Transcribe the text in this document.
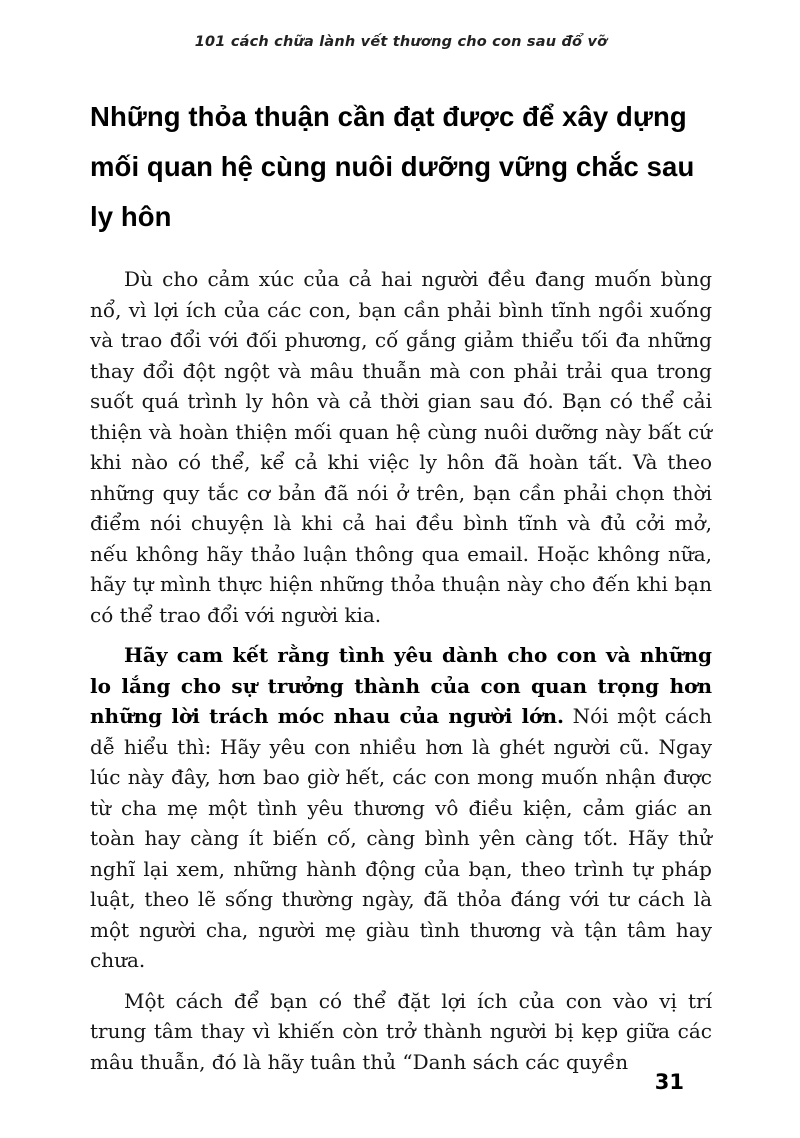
101 cách chữa lành vết thương cho con sau đổ vỡ
Những thỏa thuận cần đạt được để xây dựng mối quan hệ cùng nuôi dưỡng vững chắc sau ly hôn

Dù cho cảm xúc của cả hai người đều đang muốn bùng nổ, vì lợi ích của các con, bạn cần phải bình tĩnh ngồi xuống và trao đổi với đối phương, cố gắng giảm thiểu tối đa những thay đổi đột ngột và mâu thuẫn mà con phải trải qua trong suốt quá trình ly hôn và cả thời gian sau đó. Bạn có thể cải thiện và hoàn thiện mối quan hệ cùng nuôi dưỡng này bất cứ khi nào có thể, kể cả khi việc ly hôn đã hoàn tất. Và theo những quy tắc cơ bản đã nói ở trên, bạn cần phải chọn thời điểm nói chuyện là khi cả hai đều bình tĩnh và đủ cởi mở, nếu không hãy thảo luận thông qua email. Hoặc không nữa, hãy tự mình thực hiện những thỏa thuận này cho đến khi bạn có thể trao đổi với người kia.

Hãy cam kết rằng tình yêu dành cho con và những lo lắng cho sự trưởng thành của con quan trọng hơn những lời trách móc nhau của người lớn. Nói một cách dễ hiểu thì: Hãy yêu con nhiều hơn là ghét người cũ. Ngay lúc này đây, hơn bao giờ hết, các con mong muốn nhận được từ cha mẹ một tình yêu thương vô điều kiện, cảm giác an toàn hay càng ít biến cố, càng bình yên càng tốt. Hãy thử nghĩ lại xem, những hành động của bạn, theo trình tự pháp luật, theo lẽ sống thường ngày, đã thỏa đáng với tư cách là một người cha, người mẹ giàu tình thương và tận tâm hay chưa.

Một cách để bạn có thể đặt lợi ích của con vào vị trí trung tâm thay vì khiến còn trở thành người bị kẹp giữa các mâu thuẫn, đó là hãy tuân thủ “Danh sách các quyền

31
